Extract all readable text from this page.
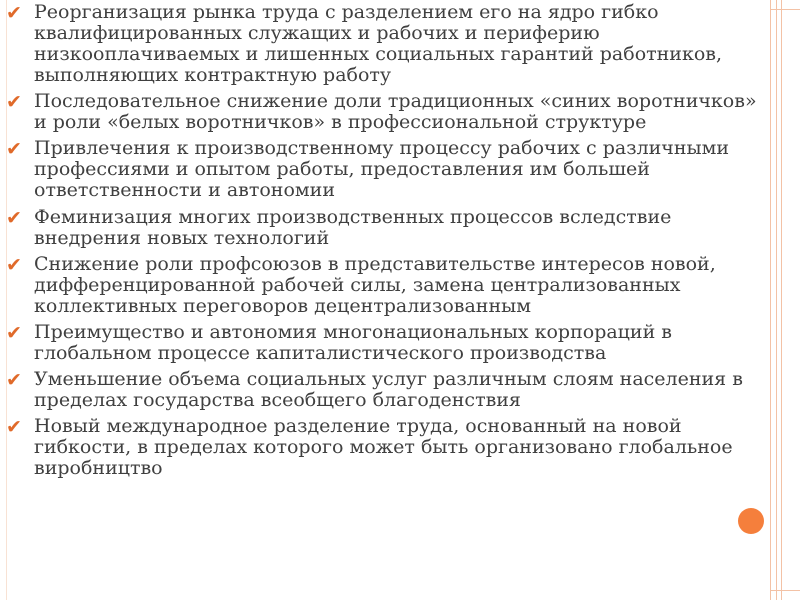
✔ Реорганизация рынка труда с разделением его на ядро гибко квалифицированных служащих и рабочих и периферию низкооплачиваемых и лишенных социальных гарантий работников, выполняющих контрактную работу
✔ Последовательное снижение доли традиционных «синих воротничков» и роли «белых воротничков» в профессиональной структуре
✔ Привлечения к производственному процессу рабочих с различными профессиями и опытом работы, предоставления им большей ответственности и автономии
✔ Феминизация многих производственных процессов вследствие внедрения новых технологий
✔ Снижение роли профсоюзов в представительстве интересов новой, дифференцированной рабочей силы, замена централизованных коллективных переговоров децентрализованным
✔ Преимущество и автономия многонациональных корпораций в глобальном процессе капиталистического производства
✔ Уменьшение объема социальных услуг различным слоям населения в пределах государства всеобщего благоденствия
✔ Новый международное разделение труда, основанный на новой гибкости, в пределах которого может быть организовано глобальное виробництво
